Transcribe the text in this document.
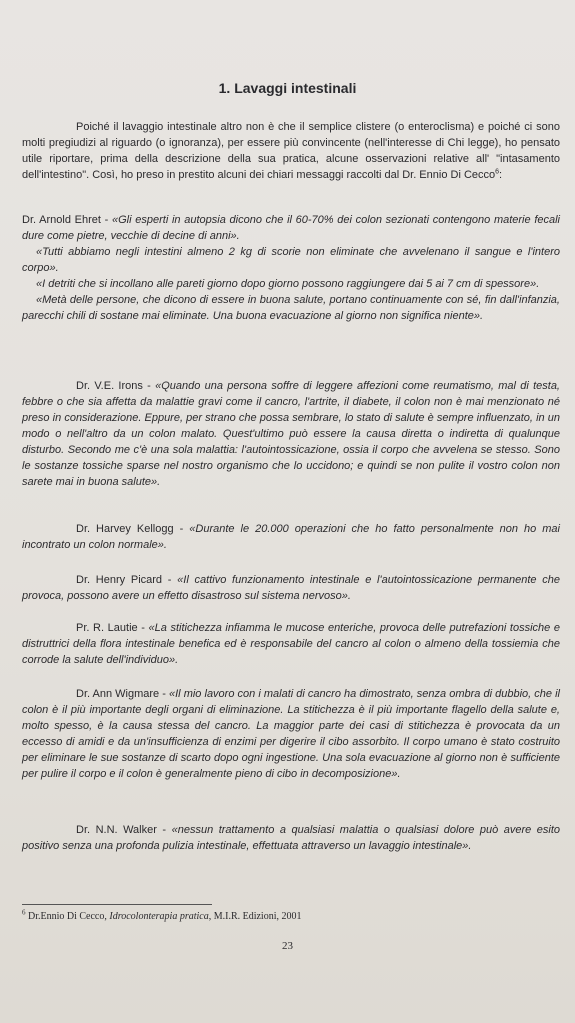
1. Lavaggi intestinali

Poiché il lavaggio intestinale altro non è che il semplice clistere (o enteroclisma) e poiché ci sono molti pregiudizi al riguardo (o ignoranza), per essere più convincente (nell'interesse di Chi legge), ho pensato utile riportare, prima della descrizione della sua pratica, alcune osservazioni relative all' "intasamento dell'intestino". Così, ho preso in prestito alcuni dei chiari messaggi raccolti dal Dr. Ennio Di Cecco$^6$:

Dr. Arnold Ehret - «Gli esperti in autopsia dicono che il 60-70% dei colon sezionati contengono materie fecali dure come pietre, vecchie di decine di anni».
«Tutti abbiamo negli intestini almeno 2 kg di scorie non eliminate che avvelenano il sangue e l'intero corpo».
«I detriti che si incollano alle pareti giorno dopo giorno possono raggiungere dai 5 ai 7 cm di spessore».
«Metà delle persone, che dicono di essere in buona salute, portano continuamente con sé, fin dall'infanzia, parecchi chili di sostane mai eliminate. Una buona evacuazione al giorno non significa niente».

Dr. V.E. Irons - «Quando una persona soffre di leggere affezioni come reumatismo, mal di testa, febbre o che sia affetta da malattie gravi come il cancro, l'artrite, il diabete, il colon non è mai menzionato né preso in considerazione. Eppure, per strano che possa sembrare, lo stato di salute è sempre influenzato, in un modo o nell'altro da un colon malato. Quest'ultimo può essere la causa diretta o indiretta di qualunque disturbo. Secondo me c'è una sola malattia: l'autointossicazione, ossia il corpo che avvelena se stesso. Sono le sostanze tossiche sparse nel nostro organismo che lo uccidono; e quindi se non pulite il vostro colon non sarete mai in buona salute».

Dr. Harvey Kellogg - «Durante le 20.000 operazioni che ho fatto personalmente non ho mai incontrato un colon normale».

Dr. Henry Picard - «Il cattivo funzionamento intestinale e l'autointossicazione permanente che provoca, possono avere un effetto disastroso sul sistema nervoso».

Pr. R. Lautie - «La stitichezza infiamma le mucose enteriche, provoca delle putrefazioni tossiche e distruttrici della flora intestinale benefica ed è responsabile del cancro al colon o almeno della tossiemia che corrode la salute dell'individuo».

Dr. Ann Wigmare - «Il mio lavoro con i malati di cancro ha dimostrato, senza ombra di dubbio, che il colon è il più importante degli organi di eliminazione. La stitichezza è il più importante flagello della salute e, molto spesso, è la causa stessa del cancro. La maggior parte dei casi di stitichezza è provocata da un eccesso di amidi e da un'insufficienza di enzimi per digerire il cibo assorbito. Il corpo umano è stato costruito per eliminare le sue sostanze di scarto dopo ogni ingestione. Una sola evacuazione al giorno non è sufficiente per pulire il corpo e il colon è generalmente pieno di cibo in decomposizione».

Dr. N.N. Walker - «nessun trattamento a qualsiasi malattia o qualsiasi dolore può avere esito positivo senza una profonda pulizia intestinale, effettuata attraverso un lavaggio intestinale».

$^6$ Dr.Ennio Di Cecco, Idrocolonterapia pratica, M.I.R. Edizioni, 2001
23
